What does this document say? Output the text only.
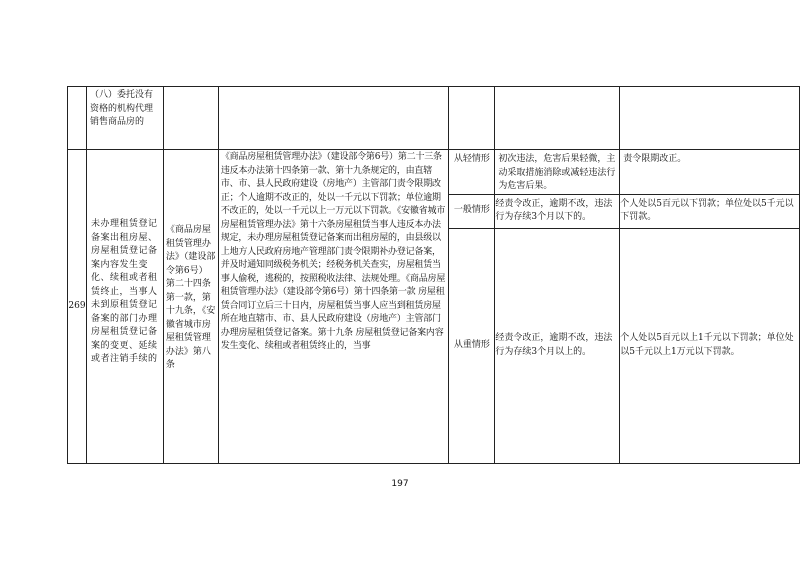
	（八）委托没有资格的机构代理销售商品房的					
269	未办理租赁登记备案出租房屋、房屋租赁登记备案内容发生变化、续租或者租赁终止，当事人未到原租赁登记备案的部门办理房屋租赁登记备案的变更、延续或者注销手续的	《商品房屋租赁管理办法》（建设部令第6号）第二十四条第一款，第十九条，《安徽省城市房屋租赁管理办法》第八条	《商品房屋租赁管理办法》（建设部令第6号）第二十三条违反本办法第十四条第一款、第十九条规定的，由直辖市、市、县人民政府建设（房地产）主管部门责令限期改正；个人逾期不改正的，处以一千元以下罚款；单位逾期不改正的，处以一千元以上一万元以下罚款。《安徽省城市房屋租赁管理办法》第十六条房屋租赁当事人违反本办法规定，未办理房屋租赁登记备案而出租房屋的，由县级以上地方人民政府房地产管理部门责令限期补办登记备案，并及时通知同级税务机关；经税务机关查实，房屋租赁当事人偷税，逃税的，按照税收法律、法规处理。《商品房屋租赁管理办法》（建设部令第6号）第十四条第一款 房屋租赁合同订立后三十日内，房屋租赁当事人应当到租赁房屋所在地直辖市、市、县人民政府建设（房地产）主管部门办理房屋租赁登记备案。第十九条 房屋租赁登记备案内容发生变化、续租或者租赁终止的，当事	从轻情形	初次违法，危害后果轻微，主动采取措施消除或减轻违法行为危害后果。	责令限期改正。
				一般情形	经责令改正，逾期不改，违法行为存续3个月以下的。	个人处以5百元以下罚款；单位处以5千元以下罚款。
				从重情形	经责令改正，逾期不改，违法行为存续3个月以上的。	个人处以5百元以上1千元以下罚款；单位处以5千元以上1万元以下罚款。
197
